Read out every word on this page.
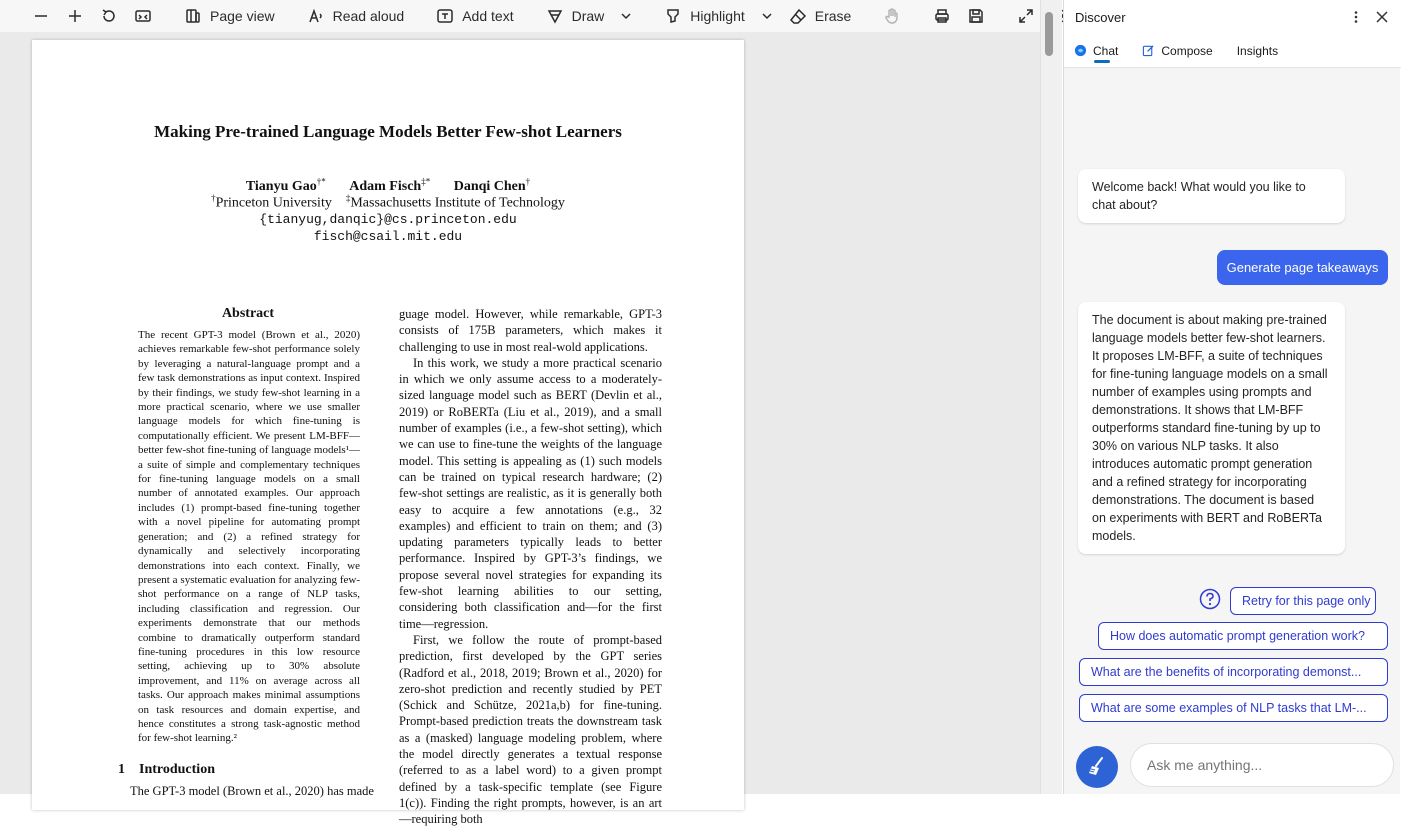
Page view	Read aloud	Add text	Draw	Highlight	Erase
Making Pre-trained Language Models Better Few-shot Learners
Tianyu Gao†* Adam Fisch‡* Danqi Chen†
†Princeton University ‡Massachusetts Institute of Technology
{tianyug,danqic}@cs.princeton.edu
fisch@csail.mit.edu
Abstract
The recent GPT-3 model (Brown et al., 2020) achieves remarkable few-shot performance solely by leveraging a natural-language prompt and a few task demonstrations as input context. Inspired by their findings, we study few-shot learning in a more practical scenario, where we use smaller language models for which fine-tuning is computationally efficient. We present LM-BFF—better few-shot fine-tuning of language models¹—a suite of simple and complementary techniques for fine-tuning language models on a small number of annotated examples. Our approach includes (1) prompt-based fine-tuning together with a novel pipeline for automating prompt generation; and (2) a refined strategy for dynamically and selectively incorporating demonstrations into each context. Finally, we present a systematic evaluation for analyzing few-shot performance on a range of NLP tasks, including classification and regression. Our experiments demonstrate that our methods combine to dramatically outperform standard fine-tuning procedures in this low resource setting, achieving up to 30% absolute improvement, and 11% on average across all tasks. Our approach makes minimal assumptions on task resources and domain expertise, and hence constitutes a strong task-agnostic method for few-shot learning.²
1 Introduction
The GPT-3 model (Brown et al., 2020) has made

guage model. However, while remarkable, GPT-3 consists of 175B parameters, which makes it challenging to use in most real-wold applications.

In this work, we study a more practical scenario in which we only assume access to a moderately-sized language model such as BERT (Devlin et al., 2019) or RoBERTa (Liu et al., 2019), and a small number of examples (i.e., a few-shot setting), which we can use to fine-tune the weights of the language model. This setting is appealing as (1) such models can be trained on typical research hardware; (2) few-shot settings are realistic, as it is generally both easy to acquire a few annotations (e.g., 32 examples) and efficient to train on them; and (3) updating parameters typically leads to better performance. Inspired by GPT-3’s findings, we propose several novel strategies for expanding its few-shot learning abilities to our setting, considering both classification and—for the first time—regression.

First, we follow the route of prompt-based prediction, first developed by the GPT series (Radford et al., 2018, 2019; Brown et al., 2020) for zero-shot prediction and recently studied by PET (Schick and Schütze, 2021a,b) for fine-tuning. Prompt-based prediction treats the downstream task as a (masked) language modeling problem, where the model directly generates a textual response (referred to as a label word) to a given prompt defined by a task-specific template (see Figure 1(c)). Finding the right prompts, however, is an art—requiring both

Discover
Chat	Compose Insights
Welcome back! What would you like to chat about?
Generate page takeaways
The document is about making pre-trained language models better few-shot learners. It proposes LM-BFF, a suite of techniques for fine-tuning language models on a small number of examples using prompts and demonstrations. It shows that LM-BFF outperforms standard fine-tuning by up to 30% on various NLP tasks. It also introduces automatic prompt generation and a refined strategy for incorporating demonstrations. The document is based on experiments with BERT and RoBERTa models.
Retry for this page only
How does automatic prompt generation work?
What are the benefits of incorporating demonst...
What are some examples of NLP tasks that LM-...
Ask me anything...
